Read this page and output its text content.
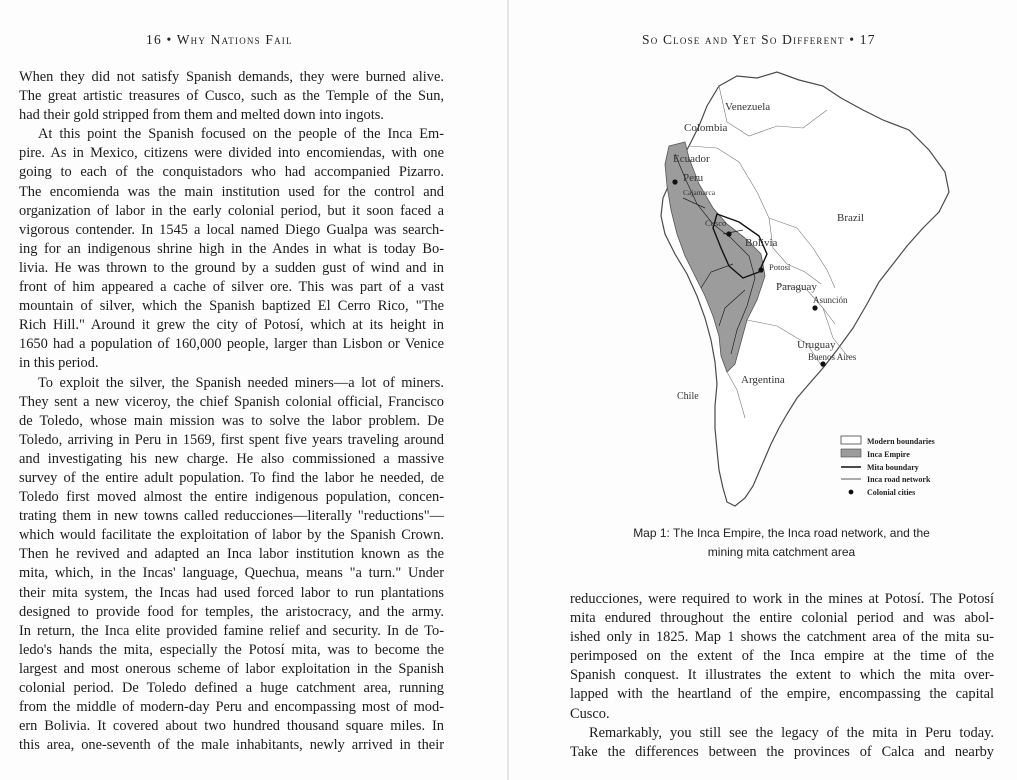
16 • Why Nations Fail
When they did not satisfy Spanish demands, they were burned alive.
The great artistic treasures of Cusco, such as the Temple of the Sun,
had their gold stripped from them and melted down into ingots.
At this point the Spanish focused on the people of the Inca Em-
pire. As in Mexico, citizens were divided into encomiendas, with one
going to each of the conquistadors who had accompanied Pizarro.
The encomienda was the main institution used for the control and
organization of labor in the early colonial period, but it soon faced a
vigorous contender. In 1545 a local named Diego Gualpa was search-
ing for an indigenous shrine high in the Andes in what is today Bo-
livia. He was thrown to the ground by a sudden gust of wind and in
front of him appeared a cache of silver ore. This was part of a vast
mountain of silver, which the Spanish baptized El Cerro Rico, "The
Rich Hill." Around it grew the city of Potosí, which at its height in
1650 had a population of 160,000 people, larger than Lisbon or Venice
in this period.
To exploit the silver, the Spanish needed miners—a lot of miners.
They sent a new viceroy, the chief Spanish colonial official, Francisco
de Toledo, whose main mission was to solve the labor problem. De
Toledo, arriving in Peru in 1569, first spent five years traveling around
and investigating his new charge. He also commissioned a massive
survey of the entire adult population. To find the labor he needed, de
Toledo first moved almost the entire indigenous population, concen-
trating them in new towns called reducciones—literally "reductions"—
which would facilitate the exploitation of labor by the Spanish Crown.
Then he revived and adapted an Inca labor institution known as the
mita, which, in the Incas' language, Quechua, means "a turn." Under
their mita system, the Incas had used forced labor to run plantations
designed to provide food for temples, the aristocracy, and the army.
In return, the Inca elite provided famine relief and security. In de To-
ledo's hands the mita, especially the Potosí mita, was to become the
largest and most onerous scheme of labor exploitation in the Spanish
colonial period. De Toledo defined a huge catchment area, running
from the middle of modern-day Peru and encompassing most of mod-
ern Bolivia. It covered about two hundred thousand square miles. In
this area, one-seventh of the male inhabitants, newly arrived in their
So Close and Yet So Different • 17
Venezuela
Colombia
Ecuador
Peru
Cajamarca
Cusco	Brazil
Bolivia
Potosí
Paraguay
Asunción
Uruguay
Buenos Aires
Argentina
Chile
Modern boundaries
Inca Empire
Mita boundary
Inca road network
Colonial cities
Map 1: The Inca Empire, the Inca road network, and the
mining mita catchment area
reducciones, were required to work in the mines at Potosí. The Potosí
mita endured throughout the entire colonial period and was abol-
ished only in 1825. Map 1 shows the catchment area of the mita su-
perimposed on the extent of the Inca empire at the time of the
Spanish conquest. It illustrates the extent to which the mita over-
lapped with the heartland of the empire, encompassing the capital
Cusco.
Remarkably, you still see the legacy of the mita in Peru today.
Take the differences between the provinces of Calca and nearby
